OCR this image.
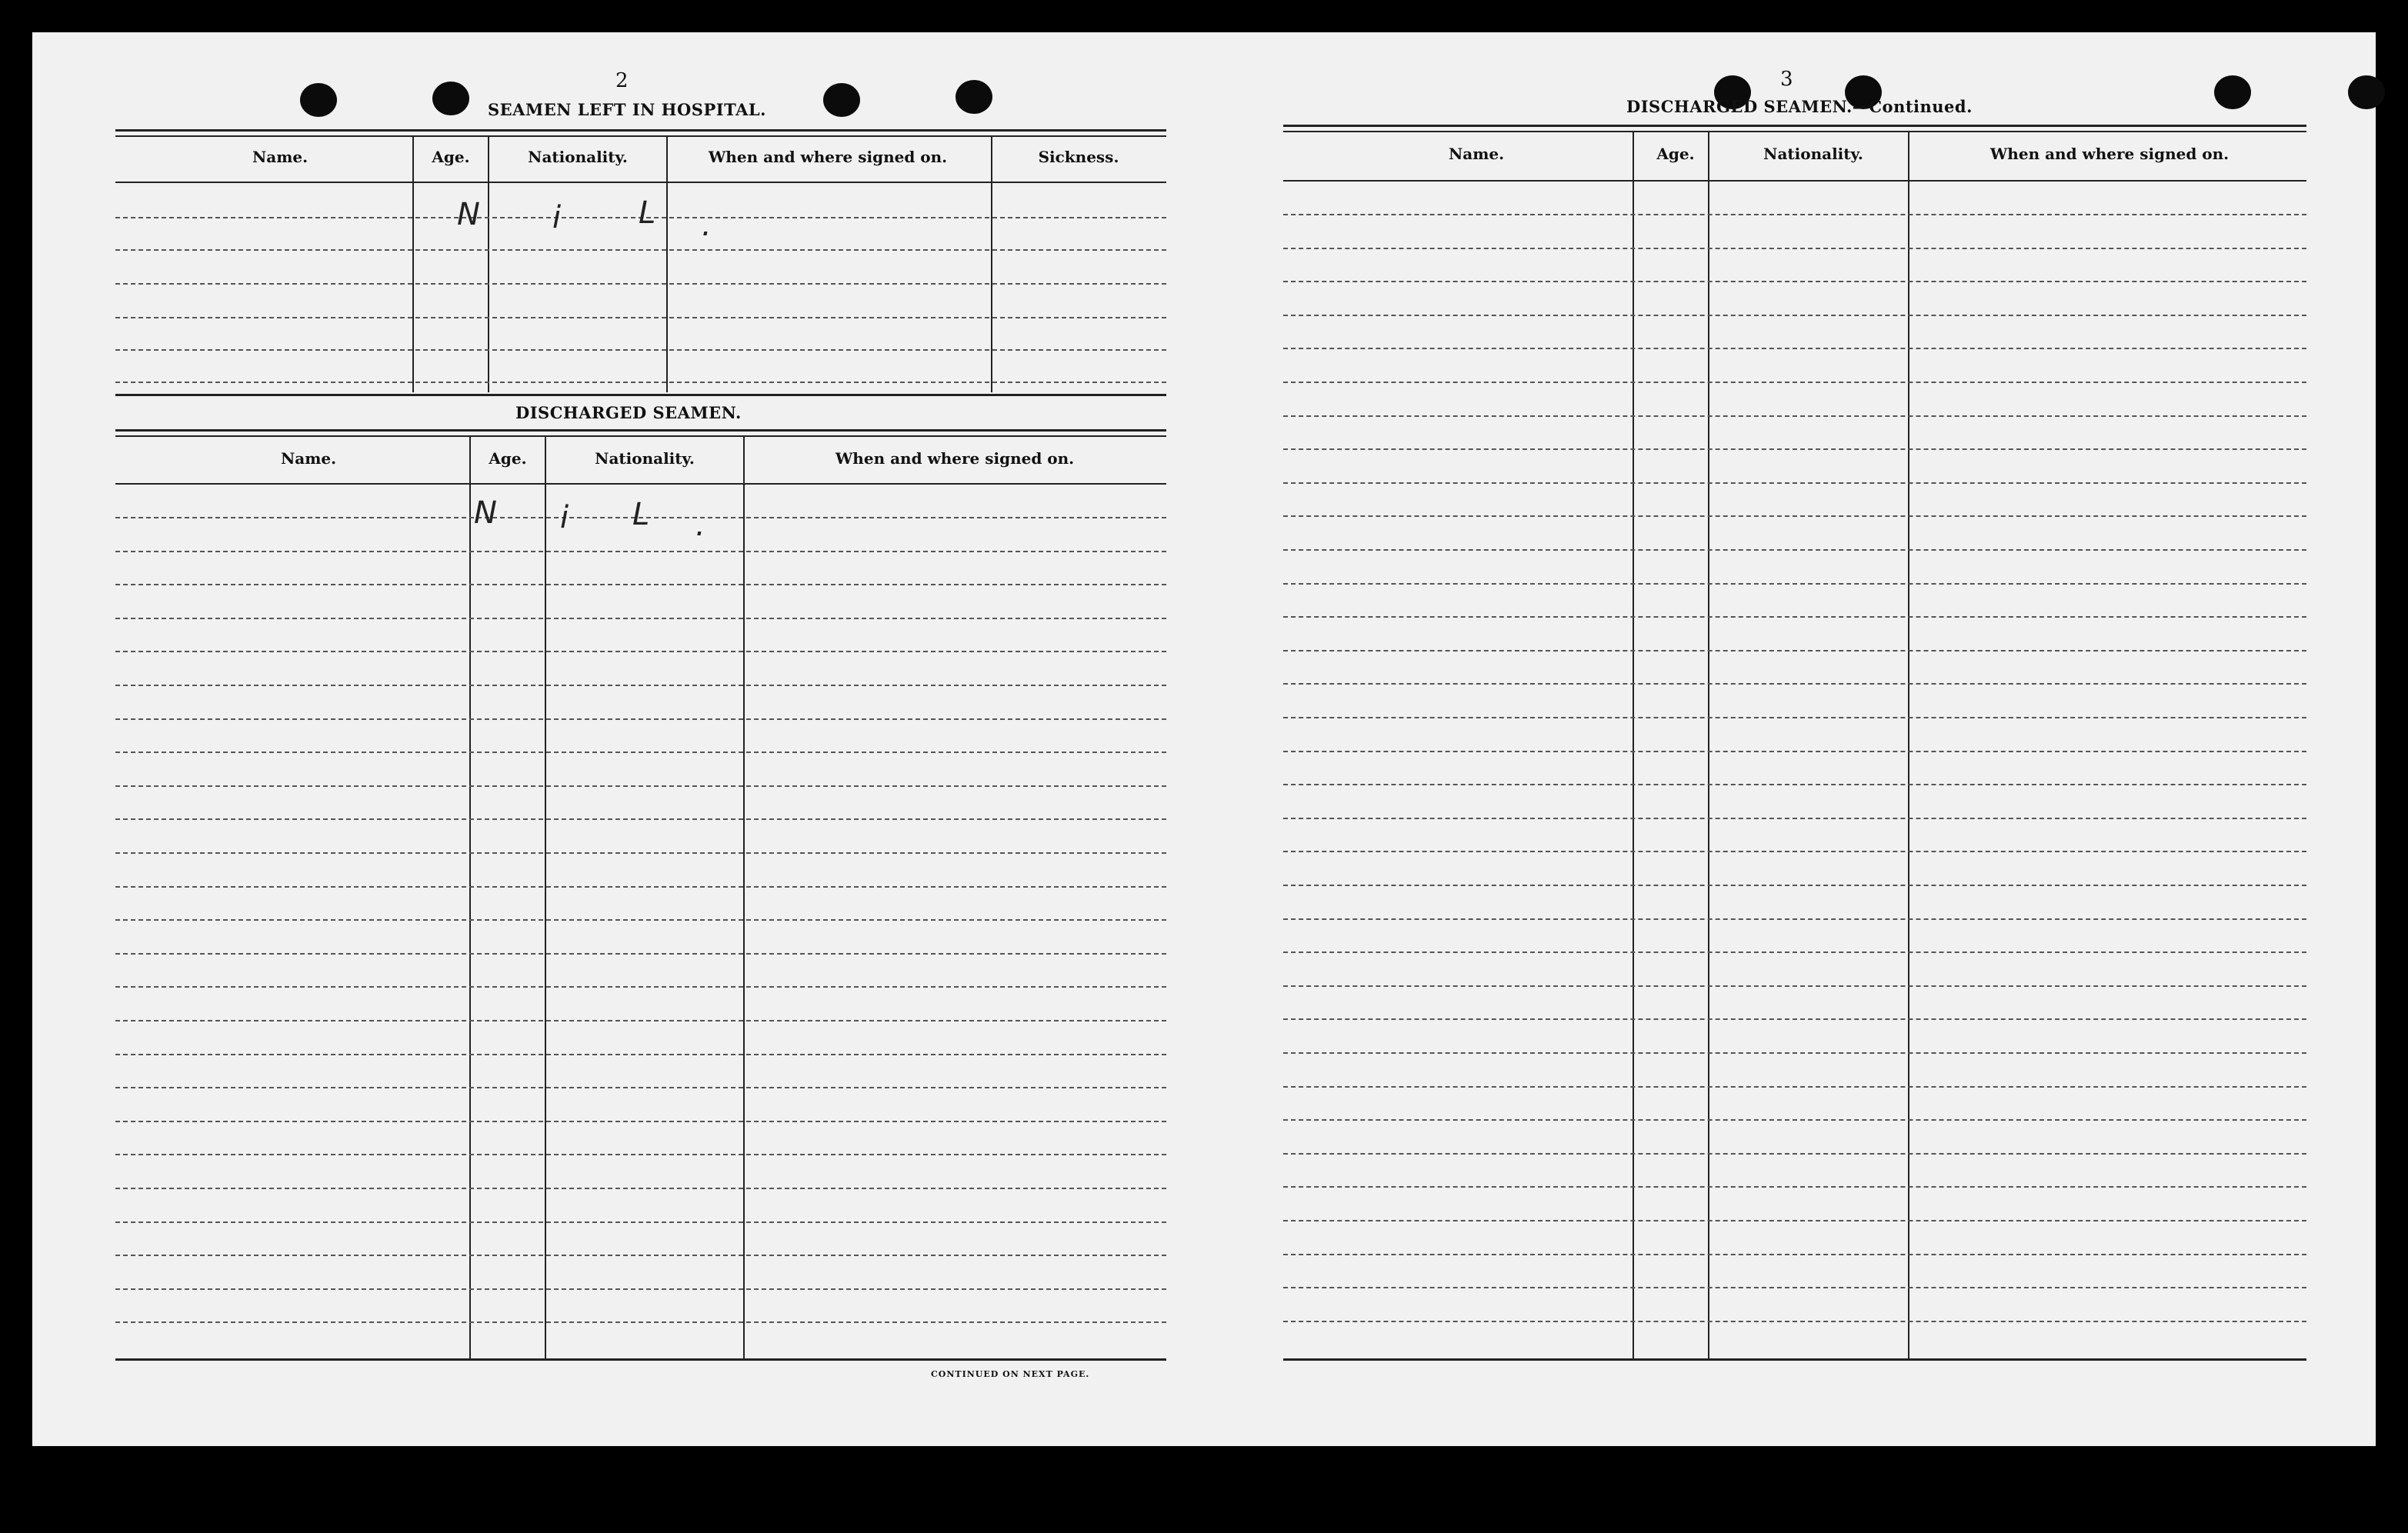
2
SEAMEN LEFT IN HOSPITAL.
Name.	Age.	Nationality.	When and where signed on.	Sickness.
N i	L .
DISCHARGED SEAMEN.
Name.	Age.	Nationality.	When and where signed on.
N i L .
CONTINUED ON NEXT PAGE.
3
DISCHARGED SEAMEN.—Continued.
Name.	Age.	Nationality.	When and where signed on.
